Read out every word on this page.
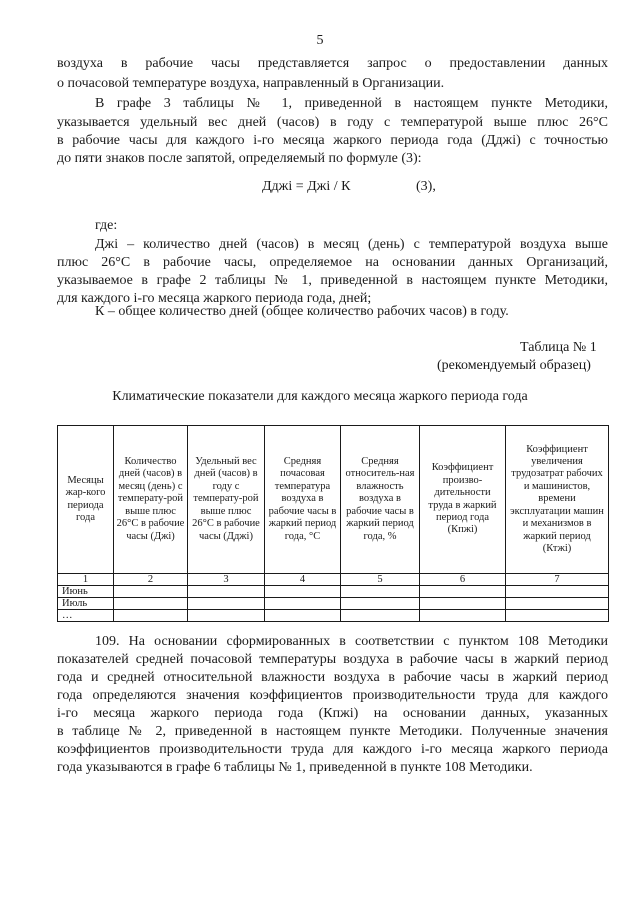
5
воздуха в рабочие часы представляется запрос о предоставлении данных
о почасовой температуре воздуха, направленный в Организации.
В графе 3 таблицы № 1, приведенной в настоящем пункте Методики,
указывается удельный вес дней (часов) в году с температурой выше плюс 26°С
в рабочие часы для каждого i-го месяца жаркого периода года (Дджi) с точностью
до пяти знаков после запятой, определяемый по формуле (3):
Дджi = Джi / К	(3),
где:
Джi – количество дней (часов) в месяц (день) с температурой воздуха выше
плюс 26°С в рабочие часы, определяемое на основании данных Организаций,
указываемое в графе 2 таблицы № 1, приведенной в настоящем пункте Методики,
для каждого i-го месяца жаркого периода года, дней;
К – общее количество дней (общее количество рабочих часов) в году.
Таблица № 1
(рекомендуемый образец)
Климатические показатели для каждого месяца жаркого периода года
Месяцы жар-кого периода года	Количество дней (часов) в месяц (день) с температу-рой выше плюс 26°С в рабочие часы (Джi)	Удельный вес дней (часов) в году с температу-рой выше плюс 26°С в рабочие часы (Дджi)	Средняя почасовая температура воздуха в рабочие часы в жаркий период года, °С	Средняя относитель-ная влажность воздуха в рабочие часы в жаркий период года, %	Коэффициент произво-дительности труда в жаркий период года (Кпжi)	Коэффициент увеличения трудозатрат рабочих и машинистов, времени эксплуатации машин и механизмов в жаркий период (Ктжi)
1	2	3	4	5	6	7
Июнь						
Июль						
…						
109. На основании сформированных в соответствии с пунктом 108 Методики
показателей средней почасовой температуры воздуха в рабочие часы в жаркий период
года и средней относительной влажности воздуха в рабочие часы в жаркий период
года определяются значения коэффициентов производительности труда для каждого
i-го месяца жаркого периода года (Кпжi) на основании данных, указанных
в таблице № 2, приведенной в настоящем пункте Методики. Полученные значения
коэффициентов производительности труда для каждого i-го месяца жаркого периода
года указываются в графе 6 таблицы № 1, приведенной в пункте 108 Методики.
